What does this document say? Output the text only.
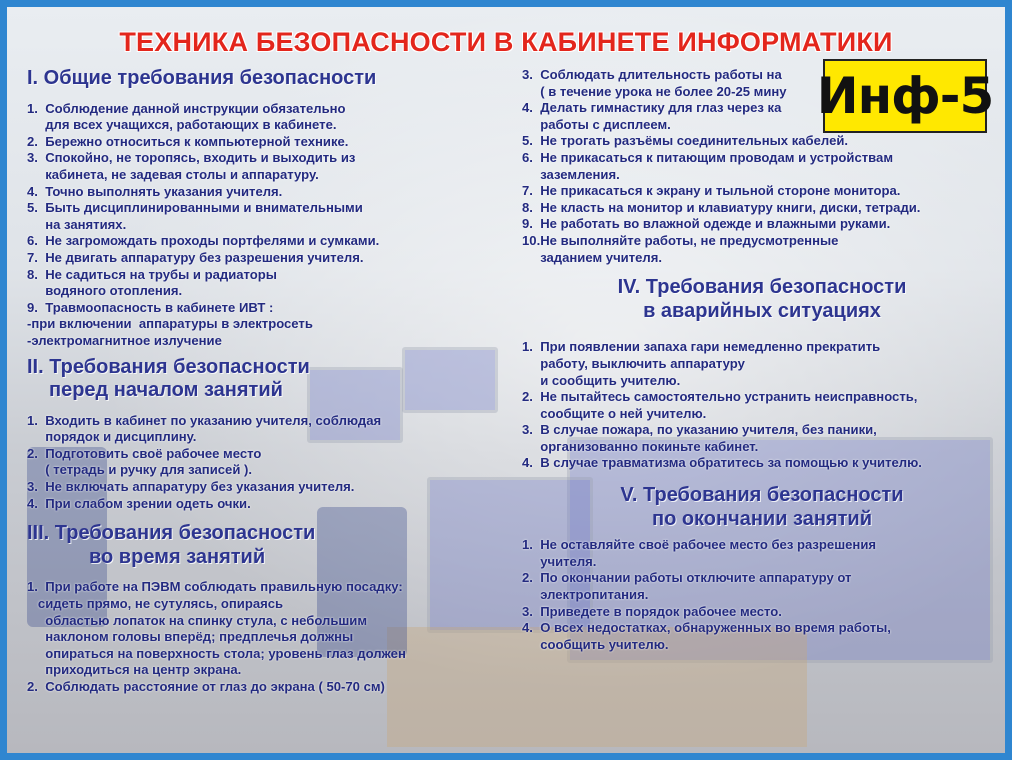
ТЕХНИКА БЕЗОПАСНОСТИ В КАБИНЕТЕ ИНФОРМАТИКИ
Инф-5
I. Общие требования безопасности
1.  Соблюдение данной инструкции обязательно
для всех учащихся, работающих в кабинете.
2.  Бережно относиться к компьютерной технике.
3.  Спокойно, не торопясь, входить и выходить из
кабинета, не задевая столы и аппаратуру.
4.  Точно выполнять указания учителя.
5.  Быть дисциплинированными и внимательными
на занятиях.
6.  Не загромождать проходы портфелями и сумками.
7.  Не двигать аппаратуру без разрешения учителя.
8.  Не садиться на трубы и радиаторы
водяного отопления.
9.  Травмоопасность в кабинете ИВТ :
-при включении  аппаратуры в электросеть
-электромагнитное излучение
II. Требования безопасности
перед началом занятий
1.  Входить в кабинет по указанию учителя, соблюдая
порядок и дисциплину.
2.  Подготовить своё рабочее место
( тетрадь и ручку для записей ).
3.  Не включать аппаратуру без указания учителя.
4.  При слабом зрении одеть очки.
III. Требования безопасности
во время занятий
1.  При работе на ПЭВМ соблюдать правильную посадку:
сидеть прямо, не сутулясь, опираясь
областью лопаток на спинку стула, с небольшим
наклоном головы вперёд; предплечья должны
опираться на поверхность стола; уровень глаз должен
приходиться на центр экрана.
2.  Соблюдать расстояние от глаз до экрана ( 50-70 см)
3.  Соблюдать длительность работы на
( в течение урока не более 20-25 мину
4.  Делать гимнастику для глаз через ка
работы с дисплеем.
5.  Не трогать разъёмы соединительных кабелей.
6.  Не прикасаться к питающим проводам и устройствам
заземления.
7.  Не прикасаться к экрану и тыльной стороне монитора.
8.  Не класть на монитор и клавиатуру книги, диски, тетради.
9.  Не работать во влажной одежде и влажными руками.
10.Не выполняйте работы, не предусмотренные
заданием учителя.
IV. Требования безопасности
в аварийных ситуациях
1.  При появлении запаха гари немедленно прекратить
работу, выключить аппаратуру
и сообщить учителю.
2.  Не пытайтесь самостоятельно устранить неисправность,
сообщите о ней учителю.
3.  В случае пожара, по указанию учителя, без паники,
организованно покиньте кабинет.
4.  В случае травматизма обратитесь за помощью к учителю.
V. Требования безопасности
по окончании занятий
1.  Не оставляйте своё рабочее место без разрешения
учителя.
2.  По окончании работы отключите аппаратуру от
электропитания.
3.  Приведете в порядок рабочее место.
4.  О всех недостатках, обнаруженных во время работы,
сообщить учителю.
